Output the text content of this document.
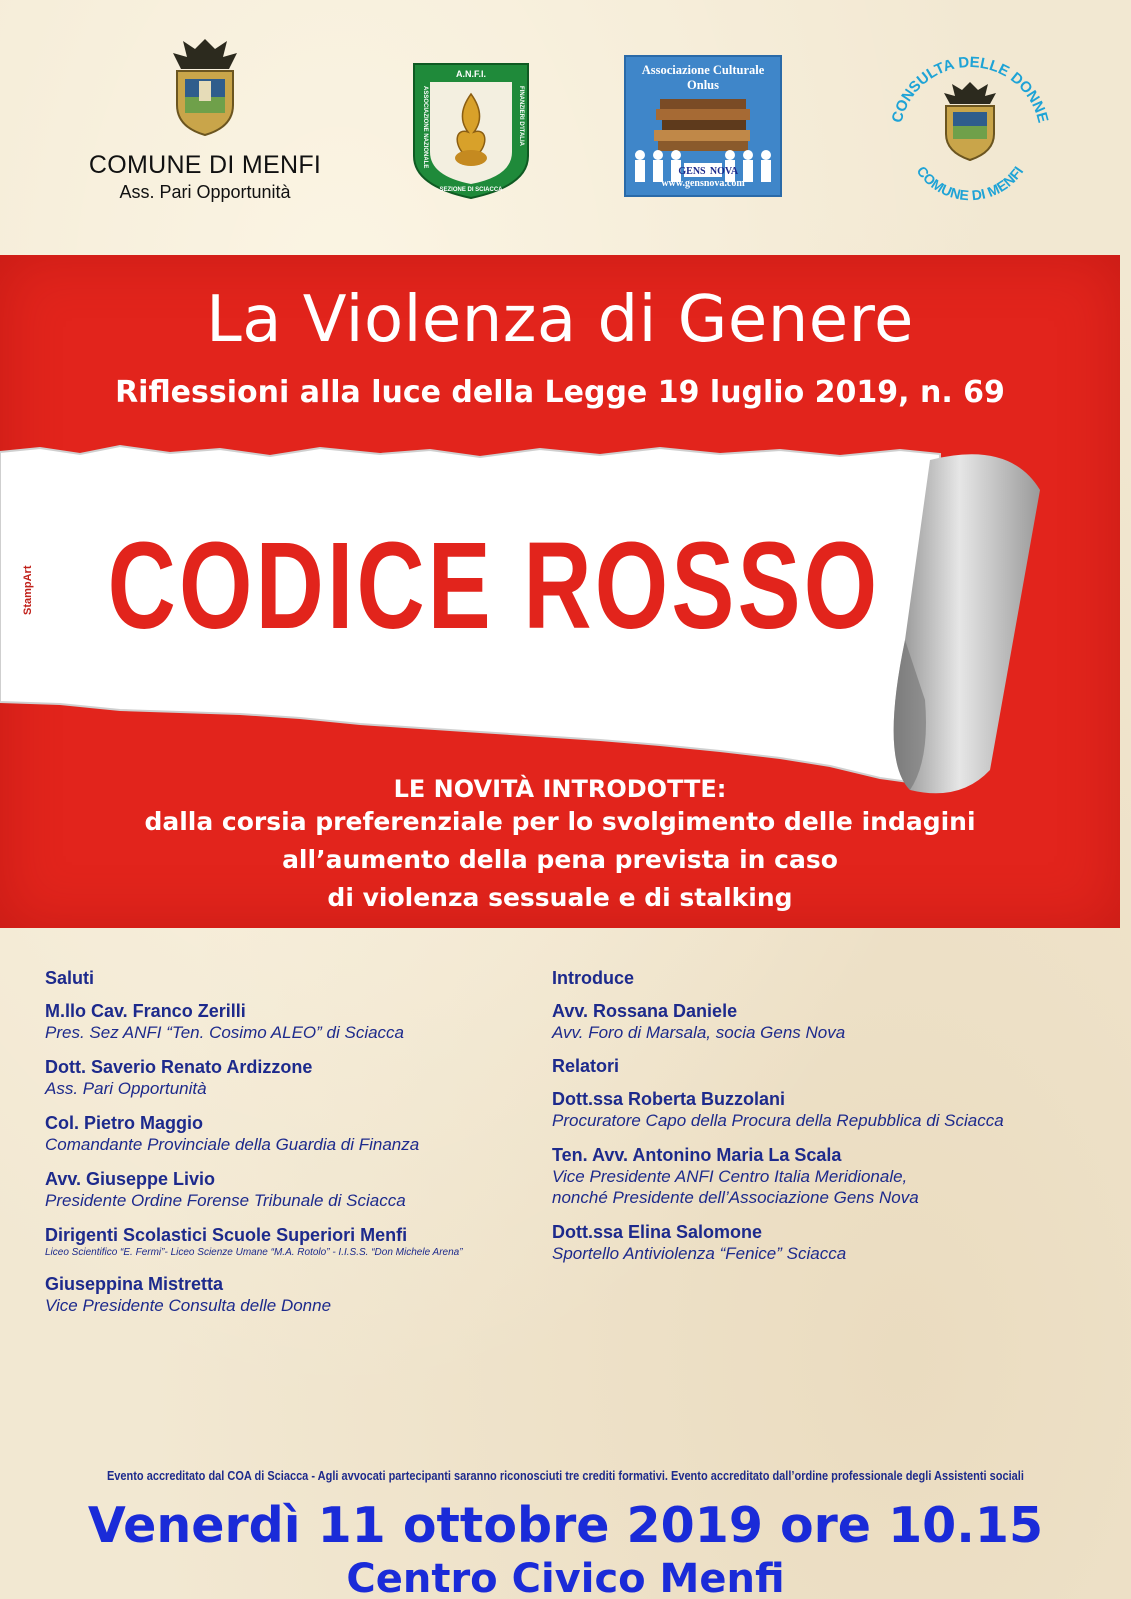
COMUNE DI MENFI
Ass. Pari Opportunità
A.N.F.I.
ASSOCIAZIONE NAZIONALE	FINANZIERI D'ITALIA
SEZIONE DI SCIACCA
Associazione Culturale Onlus
GENS NOVA
www.gensnova.com
CONSULTA DELLE DONNE
COMUNE DI MENFI
La Violenza di Genere
Riflessioni alla luce della Legge 19 luglio 2019, n. 69
CODICE ROSSO
StampArt
LE NOVITÀ INTRODOTTE:
dalla corsia preferenziale per lo svolgimento delle indagini
all’aumento della pena prevista in caso
di violenza sessuale e di stalking
Saluti
M.llo Cav. Franco Zerilli
Pres. Sez ANFI “Ten. Cosimo ALEO” di Sciacca
Dott. Saverio Renato Ardizzone
Ass. Pari Opportunità
Col. Pietro Maggio
Comandante Provinciale della Guardia di Finanza
Avv. Giuseppe Livio
Presidente Ordine Forense Tribunale di Sciacca
Dirigenti Scolastici Scuole Superiori Menfi
Liceo Scientifico “E. Fermi”- Liceo Scienze Umane “M.A. Rotolo” - I.I.S.S. “Don Michele Arena”
Giuseppina Mistretta
Vice Presidente Consulta delle Donne
Introduce
Avv. Rossana Daniele
Avv. Foro di Marsala, socia Gens Nova
Relatori
Dott.ssa Roberta Buzzolani
Procuratore Capo della Procura della Repubblica di Sciacca
Ten. Avv. Antonino Maria La Scala
Vice Presidente ANFI Centro Italia Meridionale,
nonché Presidente dell’Associazione Gens Nova
Dott.ssa Elina Salomone
Sportello Antiviolenza “Fenice” Sciacca
Evento accreditato dal COA di Sciacca - Agli avvocati partecipanti saranno riconosciuti tre crediti formativi. Evento accreditato dall’ordine professionale degli Assistenti sociali
Venerdì 11 ottobre 2019 ore 10.15
Centro Civico Menfi
